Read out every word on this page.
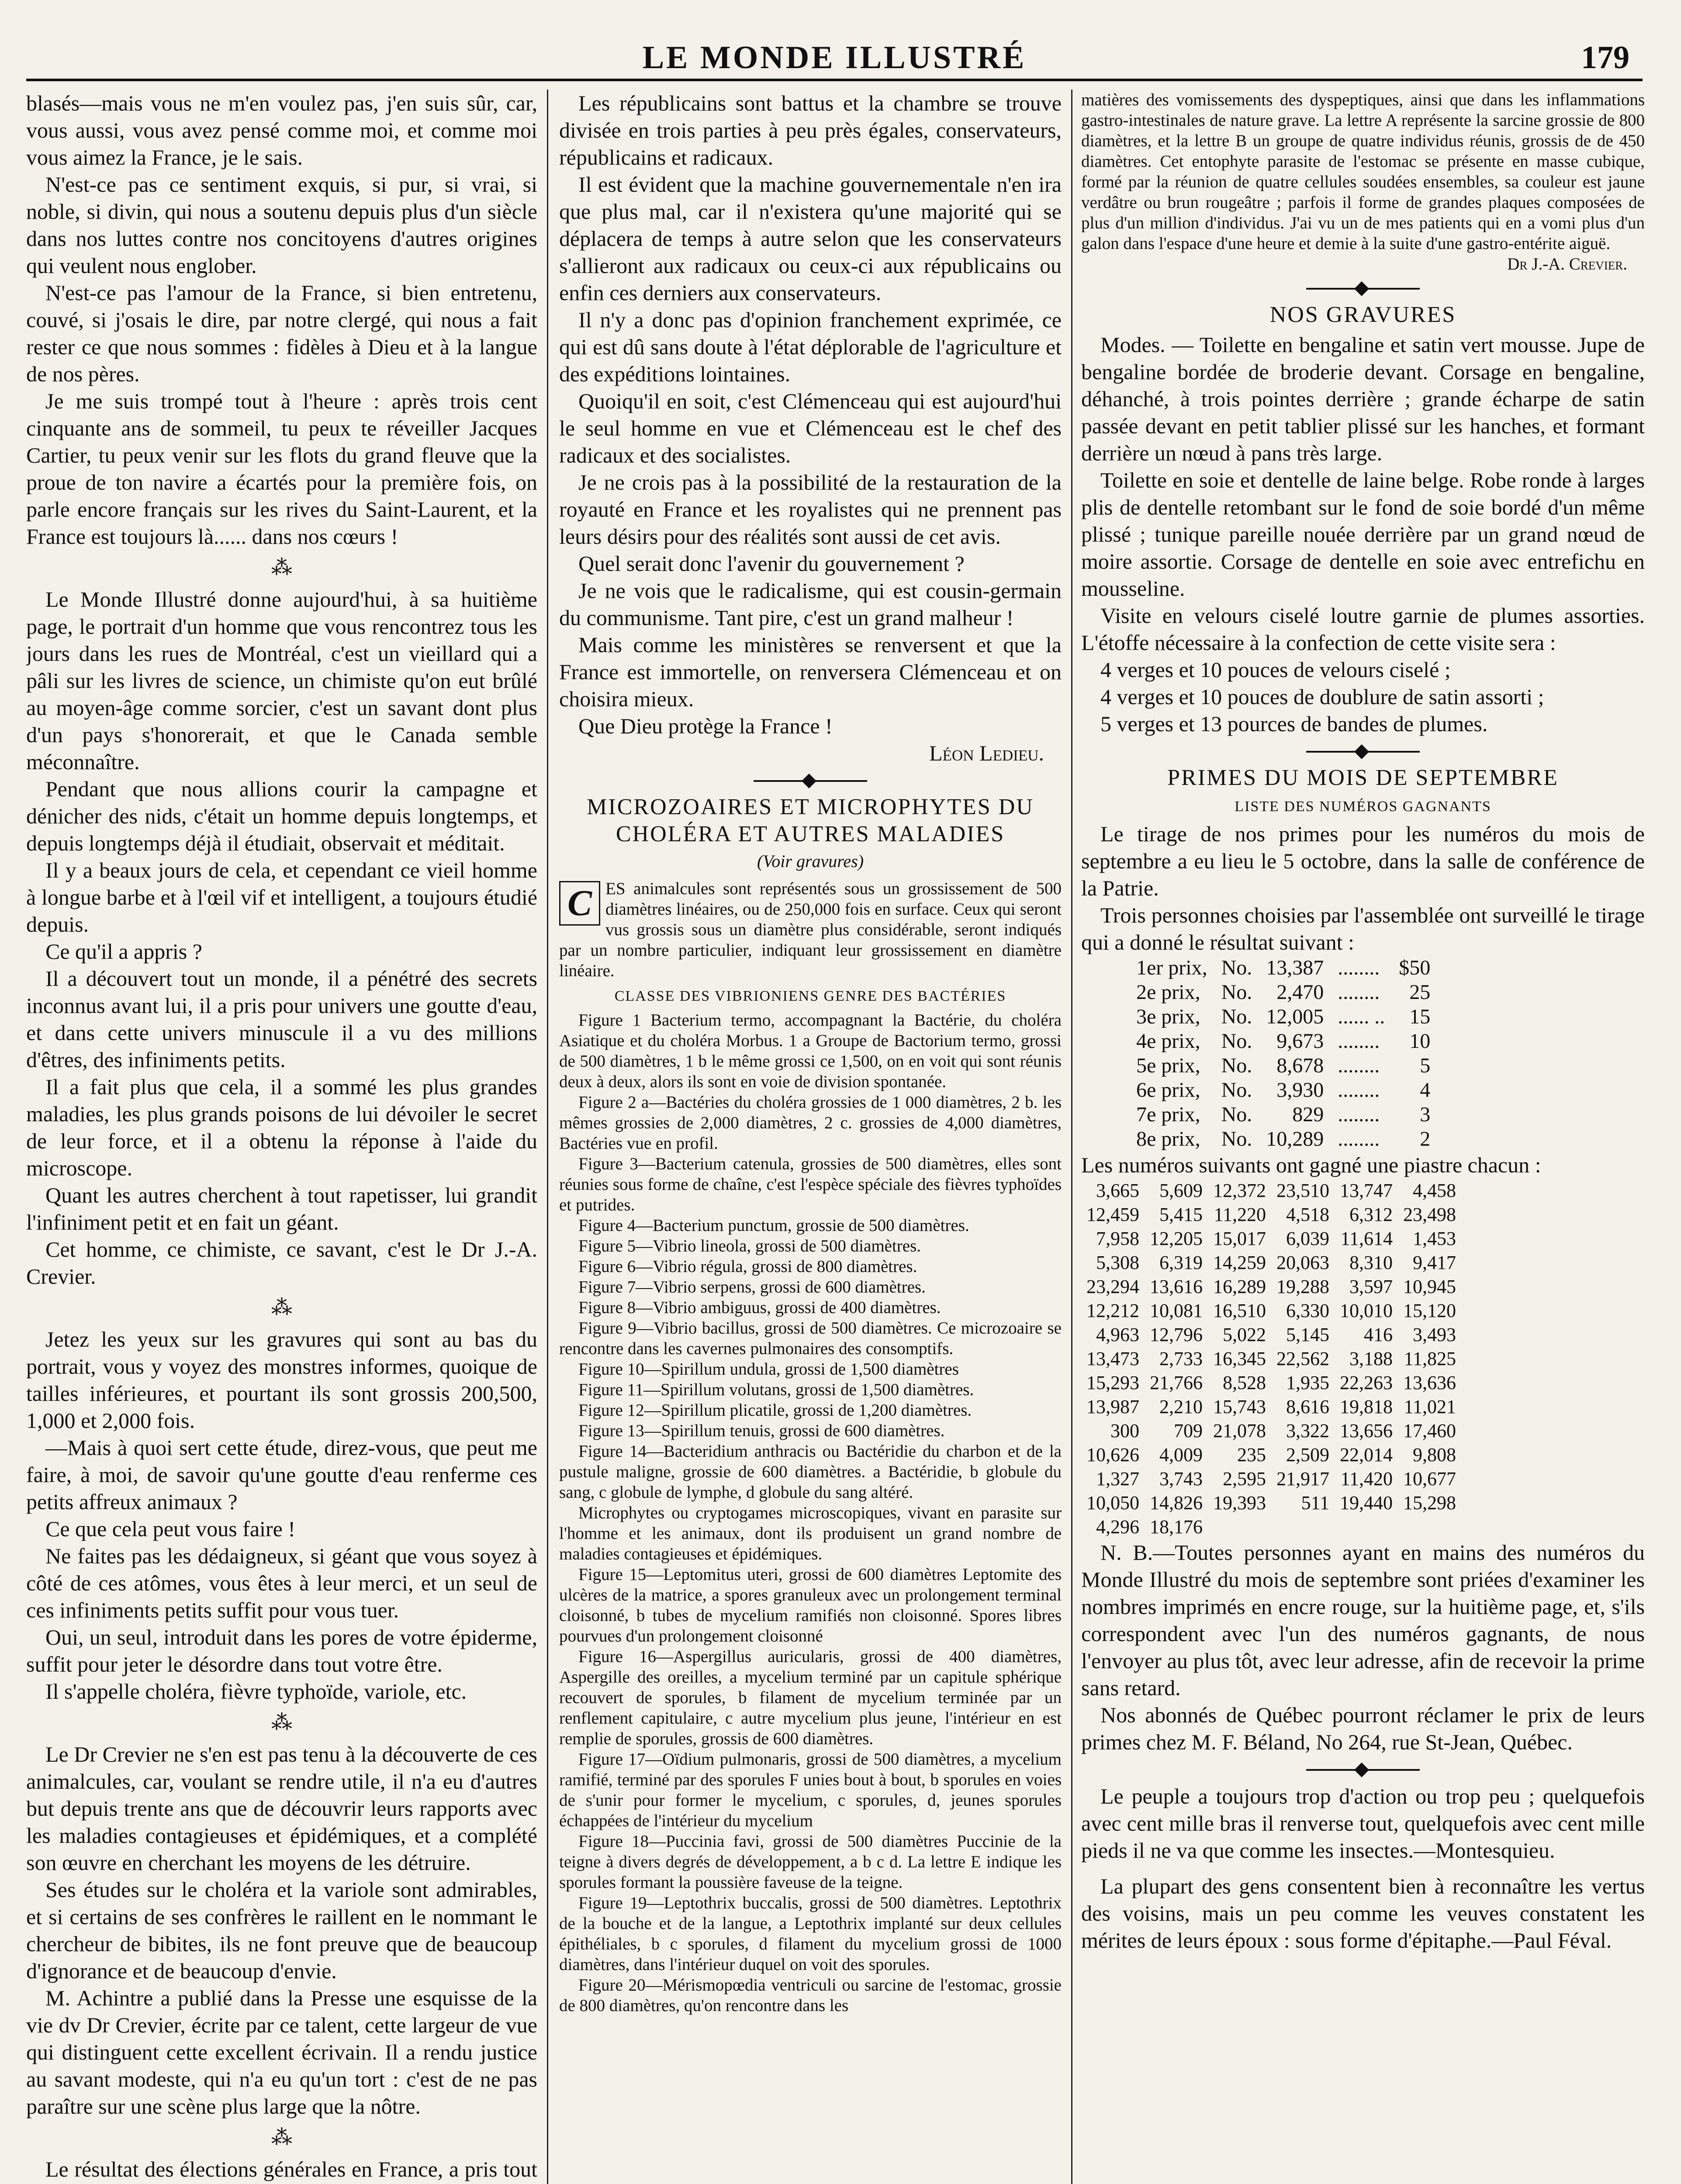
LE MONDE ILLUSTRÉ	179

blasés—mais vous ne m'en voulez pas, j'en suis sûr, car, vous aussi, vous avez pensé comme moi, et comme moi vous aimez la France, je le sais.

N'est-ce pas ce sentiment exquis, si pur, si vrai, si noble, si divin, qui nous a soutenu depuis plus d'un siècle dans nos luttes contre nos concitoyens d'autres origines qui veulent nous englober.

N'est-ce pas l'amour de la France, si bien entretenu, couvé, si j'osais le dire, par notre clergé, qui nous a fait rester ce que nous sommes : fidèles à Dieu et à la langue de nos pères.

Je me suis trompé tout à l'heure : après trois cent cinquante ans de sommeil, tu peux te réveiller Jacques Cartier, tu peux venir sur les flots du grand fleuve que la proue de ton navire a écartés pour la première fois, on parle encore français sur les rives du Saint-Laurent, et la France est toujours là...... dans nos cœurs !

⁂

Le Monde Illustré donne aujourd'hui, à sa huitième page, le portrait d'un homme que vous rencontrez tous les jours dans les rues de Montréal, c'est un vieillard qui a pâli sur les livres de science, un chimiste qu'on eut brûlé au moyen-âge comme sorcier, c'est un savant dont plus d'un pays s'honorerait, et que le Canada semble méconnaître.

Pendant que nous allions courir la campagne et dénicher des nids, c'était un homme depuis longtemps, et depuis longtemps déjà il étudiait, observait et méditait.

Il y a beaux jours de cela, et cependant ce vieil homme à longue barbe et à l'œil vif et intelligent, a toujours étudié depuis.

Ce qu'il a appris ?

Il a découvert tout un monde, il a pénétré des secrets inconnus avant lui, il a pris pour univers une goutte d'eau, et dans cette univers minuscule il a vu des millions d'êtres, des infiniments petits.

Il a fait plus que cela, il a sommé les plus grandes maladies, les plus grands poisons de lui dévoiler le secret de leur force, et il a obtenu la réponse à l'aide du microscope.

Quant les autres cherchent à tout rapetisser, lui grandit l'infiniment petit et en fait un géant.

Cet homme, ce chimiste, ce savant, c'est le Dr J.-A. Crevier.

⁂

Jetez les yeux sur les gravures qui sont au bas du portrait, vous y voyez des monstres informes, quoique de tailles inférieures, et pourtant ils sont grossis 200,500, 1,000 et 2,000 fois.

—Mais à quoi sert cette étude, direz-vous, que peut me faire, à moi, de savoir qu'une goutte d'eau renferme ces petits affreux animaux ?

Ce que cela peut vous faire !

Ne faites pas les dédaigneux, si géant que vous soyez à côté de ces atômes, vous êtes à leur merci, et un seul de ces infiniments petits suffit pour vous tuer.

Oui, un seul, introduit dans les pores de votre épiderme, suffit pour jeter le désordre dans tout votre être.

Il s'appelle choléra, fièvre typhoïde, variole, etc.

⁂

Le Dr Crevier ne s'en est pas tenu à la découverte de ces animalcules, car, voulant se rendre utile, il n'a eu d'autres but depuis trente ans que de découvrir leurs rapports avec les maladies contagieuses et épidémiques, et a complété son œuvre en cherchant les moyens de les détruire.

Ses études sur le choléra et la variole sont admirables, et si certains de ses confrères le raillent en le nommant le chercheur de bibites, ils ne font preuve que de beaucoup d'ignorance et de beaucoup d'envie.

M. Achintre a publié dans la Presse une esquisse de la vie dv Dr Crevier, écrite par ce talent, cette largeur de vue qui distinguent cette excellent écrivain. Il a rendu justice au savant modeste, qui n'a eu qu'un tort : c'est de ne pas paraître sur une scène plus large que la nôtre.

⁂

Le résultat des élections générales en France, a pris tout

Les républicains sont battus et la chambre se trouve divisée en trois parties à peu près égales, conservateurs, républicains et radicaux.

Il est évident que la machine gouvernementale n'en ira que plus mal, car il n'existera qu'une majorité qui se déplacera de temps à autre selon que les conservateurs s'allieront aux radicaux ou ceux-ci aux républicains ou enfin ces derniers aux conservateurs.

Il n'y a donc pas d'opinion franchement exprimée, ce qui est dû sans doute à l'état déplorable de l'agriculture et des expéditions lointaines.

Quoiqu'il en soit, c'est Clémenceau qui est aujourd'hui le seul homme en vue et Clémenceau est le chef des radicaux et des socialistes.

Je ne crois pas à la possibilité de la restauration de la royauté en France et les royalistes qui ne prennent pas leurs désirs pour des réalités sont aussi de cet avis.

Quel serait donc l'avenir du gouvernement ?

Je ne vois que le radicalisme, qui est cousin-germain du communisme. Tant pire, c'est un grand malheur !

Mais comme les ministères se renversent et que la France est immortelle, on renversera Clémenceau et on choisira mieux.

Que Dieu protège la France !

Léon Ledieu.

MICROZOAIRES ET MICROPHYTES DU CHOLÉRA ET AUTRES MALADIES
(Voir gravures)
C ES animalcules sont représentés sous un grossissement de 500 diamètres linéaires, ou de 250,000 fois en surface. Ceux qui seront vus grossis sous un diamètre plus considérable, seront indiqués par un nombre particulier, indiquant leur grossissement en diamètre linéaire.

CLASSE DES VIBRIONIENS GENRE DES BACTÉRIES

Figure 1 Bacterium termo, accompagnant la Bactérie, du choléra Asiatique et du choléra Morbus. 1 a Groupe de Bactorium termo, grossi de 500 diamètres, 1 b le même grossi ce 1,500, on en voit qui sont réunis deux à deux, alors ils sont en voie de division spontanée.

Figure 2 a—Bactéries du choléra grossies de 1 000 diamètres, 2 b. les mêmes grossies de 2,000 diamètres, 2 c. grossies de 4,000 diamètres, Bactéries vue en profil.

Figure 3—Bacterium catenula, grossies de 500 diamètres, elles sont réunies sous forme de chaîne, c'est l'espèce spéciale des fièvres typhoïdes et putrides.

Figure 4—Bacterium punctum, grossie de 500 diamètres.

Figure 5—Vibrio lineola, grossi de 500 diamètres.

Figure 6—Vibrio régula, grossi de 800 diamètres.

Figure 7—Vibrio serpens, grossi de 600 diamètres.

Figure 8—Vibrio ambiguus, grossi de 400 diamètres.

Figure 9—Vibrio bacillus, grossi de 500 diamètres. Ce microzoaire se rencontre dans les cavernes pulmonaires des consomptifs.

Figure 10—Spirillum undula, grossi de 1,500 diamètres

Figure 11—Spirillum volutans, grossi de 1,500 diamètres.

Figure 12—Spirillum plicatile, grossi de 1,200 diamètres.

Figure 13—Spirillum tenuis, grossi de 600 diamètres.

Figure 14—Bacteridium anthracis ou Bactéridie du charbon et de la pustule maligne, grossie de 600 diamètres. a Bactéridie, b globule du sang, c globule de lymphe, d globule du sang altéré.

Microphytes ou cryptogames microscopiques, vivant en parasite sur l'homme et les animaux, dont ils produisent un grand nombre de maladies contagieuses et épidémiques.

Figure 15—Leptomitus uteri, grossi de 600 diamètres Leptomite des ulcères de la matrice, a spores granuleux avec un prolongement terminal cloisonné, b tubes de mycelium ramifiés non cloisonné. Spores libres pourvues d'un prolongement cloisonné

Figure 16—Aspergillus auricularis, grossi de 400 diamètres, Aspergille des oreilles, a mycelium terminé par un capitule sphérique recouvert de sporules, b filament de mycelium terminée par un renflement capitulaire, c autre mycelium plus jeune, l'intérieur en est remplie de sporules, grossis de 600 diamètres.

Figure 17—Oïdium pulmonaris, grossi de 500 diamètres, a mycelium ramifié, terminé par des sporules F unies bout à bout, b sporules en voies de s'unir pour former le mycelium, c sporules, d, jeunes sporules échappées de l'intérieur du mycelium

Figure 18—Puccinia favi, grossi de 500 diamètres Puccinie de la teigne à divers degrés de développement, a b c d. La lettre E indique les sporules formant la poussière faveuse de la teigne.

Figure 19—Leptothrix buccalis, grossi de 500 diamètres. Leptothrix de la bouche et de la langue, a Leptothrix implanté sur deux cellules épithéliales, b c sporules, d filament du mycelium grossi de 1000 diamètres, dans l'intérieur duquel on voit des sporules.

Figure 20—Mérismopœdia ventriculi ou sarcine de l'estomac, grossie de 800 diamètres, qu'on rencontre dans les

matières des vomissements des dyspeptiques, ainsi que dans les inflammations gastro-intestinales de nature grave. La lettre A représente la sarcine grossie de 800 diamètres, et la lettre B un groupe de quatre individus réunis, grossis de de 450 diamètres. Cet entophyte parasite de l'estomac se présente en masse cubique, formé par la réunion de quatre cellules soudées ensembles, sa couleur est jaune verdâtre ou brun rougeâtre ; parfois il forme de grandes plaques composées de plus d'un million d'individus. J'ai vu un de mes patients qui en a vomi plus d'un galon dans l'espace d'une heure et demie à la suite d'une gastro-entérite aiguë.

Dr J.-A. Crevier.

NOS GRAVURES

Modes. — Toilette en bengaline et satin vert mousse. Jupe de bengaline bordée de broderie devant. Corsage en bengaline, déhanché, à trois pointes derrière ; grande écharpe de satin passée devant en petit tablier plissé sur les hanches, et formant derrière un nœud à pans très large.

Toilette en soie et dentelle de laine belge. Robe ronde à larges plis de dentelle retombant sur le fond de soie bordé d'un même plissé ; tunique pareille nouée derrière par un grand nœud de moire assortie. Corsage de dentelle en soie avec entrefichu en mousseline.

Visite en velours ciselé loutre garnie de plumes assorties. L'étoffe nécessaire à la confection de cette visite sera :

4 verges et 10 pouces de velours ciselé ;

4 verges et 10 pouces de doublure de satin assorti ;

5 verges et 13 pources de bandes de plumes.

PRIMES DU MOIS DE SEPTEMBRE
LISTE DES NUMÉROS GAGNANTS

Le tirage de nos primes pour les numéros du mois de septembre a eu lieu le 5 octobre, dans la salle de conférence de la Patrie.

Trois personnes choisies par l'assemblée ont surveillé le tirage qui a donné le résultat suivant :

1er prix,	No.	13,387	........	$50
2e prix,	No.	2,470	........	25
3e prix,	No.	12,005	...... ..	15
4e prix,	No.	9,673	........	10
5e prix,	No.	8,678	........	5
6e prix,	No.	3,930	........	4
7e prix,	No.	829	........	3
8e prix,	No.	10,289	........	2

Les numéros suivants ont gagné une piastre chacun :

3,665	5,609	12,372	23,510	13,747	4,458
12,459	5,415	11,220	4,518	6,312	23,498
7,958	12,205	15,017	6,039	11,614	1,453
5,308	6,319	14,259	20,063	8,310	9,417
23,294	13,616	16,289	19,288	3,597	10,945
12,212	10,081	16,510	6,330	10,010	15,120
4,963	12,796	5,022	5,145	416	3,493
13,473	2,733	16,345	22,562	3,188	11,825
15,293	21,766	8,528	1,935	22,263	13,636
13,987	2,210	15,743	8,616	19,818	11,021
300	709	21,078	3,322	13,656	17,460
10,626	4,009	235	2,509	22,014	9,808
1,327	3,743	2,595	21,917	11,420	10,677
10,050	14,826	19,393	511	19,440	15,298
4,296	18,176				

N. B.—Toutes personnes ayant en mains des numéros du Monde Illustré du mois de septembre sont priées d'examiner les nombres imprimés en encre rouge, sur la huitième page, et, s'ils correspondent avec l'un des numéros gagnants, de nous l'envoyer au plus tôt, avec leur adresse, afin de recevoir la prime sans retard.

Nos abonnés de Québec pourront réclamer le prix de leurs primes chez M. F. Béland, No 264, rue St-Jean, Québec.

Le peuple a toujours trop d'action ou trop peu ; quelquefois avec cent mille bras il renverse tout, quelquefois avec cent mille pieds il ne va que comme les insectes.—Montesquieu.

La plupart des gens consentent bien à reconnaître les vertus des voisins, mais un peu comme les veuves constatent les mérites de leurs époux : sous forme d'épitaphe.—Paul Féval.
